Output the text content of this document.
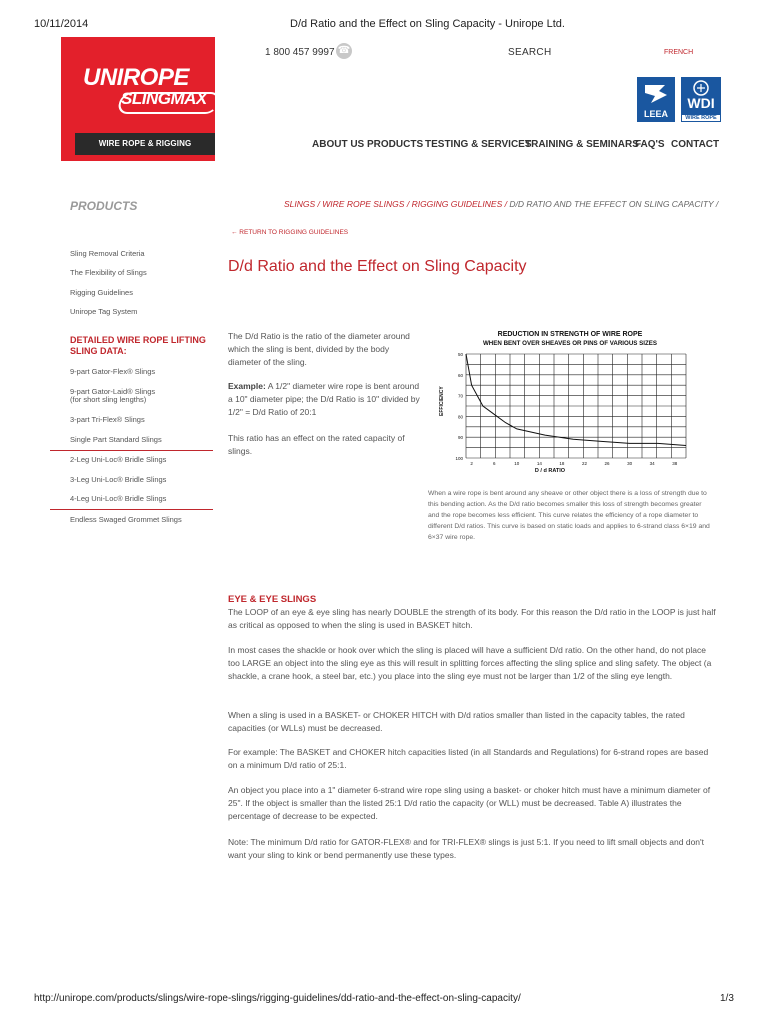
10/11/2014	D/d Ratio and the Effect on Sling Capacity - Unirope Ltd.
UNIROPE
SLINGMAX
WIRE ROPE & RIGGING PRODUCTS
1 800 457 9997 ☎	SEARCH	FRENCH
LEEA
WDI
WIRE ROPE
ABOUT US PRODUCTS TESTING & SERVICES
TRAINING & SEMINARS
FAQ'S CONTACT
PRODUCTS
Sling Removal Criteria
The Flexibility of Slings
Rigging Guidelines
Unirope Tag System
DETAILED WIRE ROPE LIFTING SLING DATA:
9-part Gator-Flex® Slings
9-part Gator-Laid® Slings
(for short sling lengths)
3-part Tri-Flex® Slings
Single Part Standard Slings
2-Leg Uni-Loc® Bridle Slings
3-Leg Uni-Loc® Bridle Slings
4-Leg Uni-Loc® Bridle Slings
Endless Swaged Grommet Slings
SLINGS / WIRE ROPE SLINGS / RIGGING GUIDELINES / D/D RATIO AND THE EFFECT ON SLING CAPACITY /
← RETURN TO RIGGING GUIDELINES
D/d Ratio and the Effect on Sling Capacity
The D/d Ratio is the ratio of the diameter around which the sling is bent, divided by the body diameter of the sling.
Example: A 1/2" diameter wire rope is bent around a 10" diameter pipe; the D/d Ratio is 10" divided by 1/2" = D/d Ratio of 20:1
This ratio has an effect on the rated capacity of slings.
REDUCTION IN STRENGTH OF WIRE ROPE
WHEN BENT OVER SHEAVES OR PINS OF VARIOUS SIZES
50
60
70
80
90
100
2	6	10	14	18	22	26	30	34	38
EFFICIENCY
D / d RATIO
When a wire rope is bent around any sheave or other object there is a loss of strength due to this bending action. As the D/d ratio becomes smaller this loss of strength becomes greater and the rope becomes less efficient. This curve relates the efficiency of a rope diameter to different D/d ratios. This curve is based on static loads and applies to 6-strand class 6×19 and 6×37 wire rope.
EYE & EYE SLINGS
The LOOP of an eye & eye sling has nearly DOUBLE the strength of its body. For this reason the D/d ratio in the LOOP is just half as critical as opposed to when the sling is used in BASKET hitch.
In most cases the shackle or hook over which the sling is placed will have a sufficient D/d ratio. On the other hand, do not place too LARGE an object into the sling eye as this will result in splitting forces affecting the sling splice and sling safety. The object (a shackle, a crane hook, a steel bar, etc.) you place into the sling eye must not be larger than 1/2 of the sling eye length.
When a sling is used in a BASKET- or CHOKER HITCH with D/d ratios smaller than listed in the capacity tables, the rated capacities (or WLLs) must be decreased.
For example: The BASKET and CHOKER hitch capacities listed (in all Standards and Regulations) for 6-strand ropes are based on a minimum D/d ratio of 25:1.
An object you place into a 1" diameter 6-strand wire rope sling using a basket- or choker hitch must have a minimum diameter of 25". If the object is smaller than the listed 25:1 D/d ratio the capacity (or WLL) must be decreased. Table A) illustrates the percentage of decrease to be expected.
Note: The minimum D/d ratio for GATOR-FLEX® and for TRI-FLEX® slings is just 5:1. If you need to lift small objects and don't want your sling to kink or bend permanently use these types.
http://unirope.com/products/slings/wire-rope-slings/rigging-guidelines/dd-ratio-and-the-effect-on-sling-capacity/	1/3
